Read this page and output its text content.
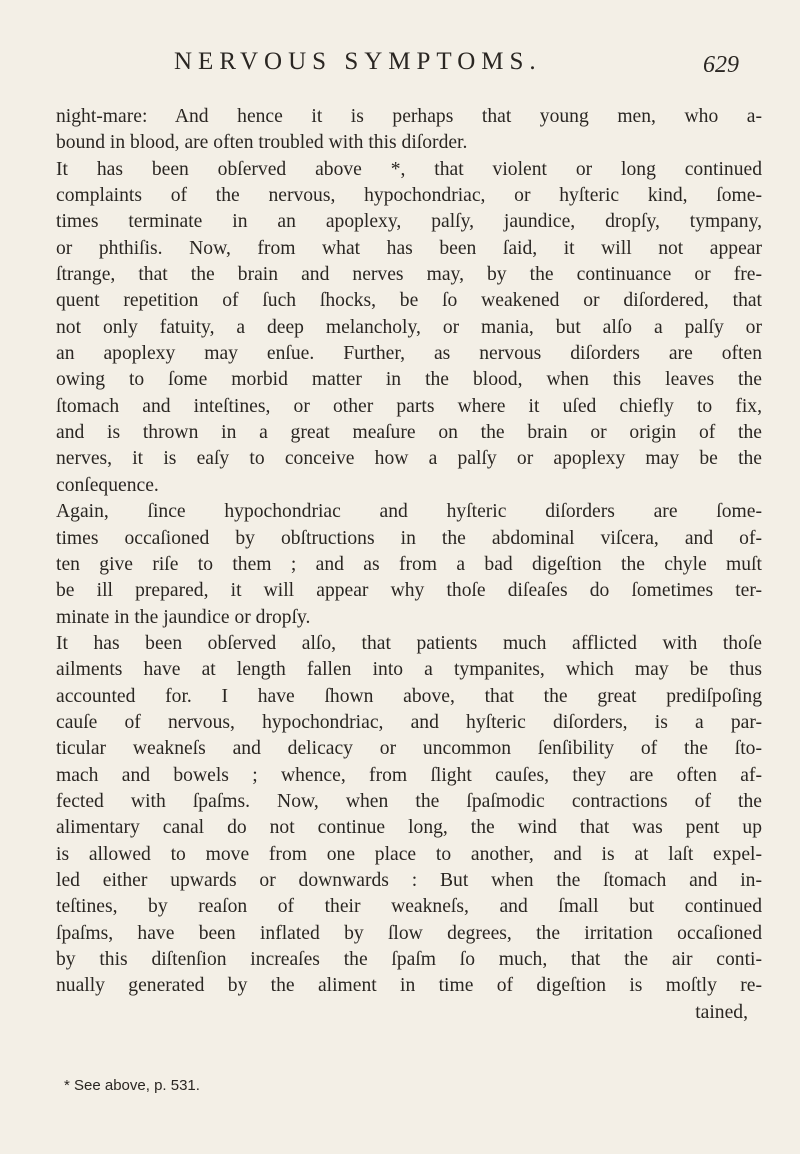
NERVOUS SYMPTOMS.	629
night-mare: And hence it is perhaps that young men, who a-
bound in blood, are often troubled with this diſorder.
It has been obſerved above *, that violent or long continued
complaints of the nervous, hypochondriac, or hyſteric kind, ſome-
times terminate in an apoplexy, palſy, jaundice, dropſy, tympany,
or phthiſis. Now, from what has been ſaid, it will not appear
ſtrange, that the brain and nerves may, by the continuance or fre-
quent repetition of ſuch ſhocks, be ſo weakened or diſordered, that
not only fatuity, a deep melancholy, or mania, but alſo a palſy or
an apoplexy may enſue. Further, as nervous diſorders are often
owing to ſome morbid matter in the blood, when this leaves the
ſtomach and inteſtines, or other parts where it uſed chiefly to fix,
and is thrown in a great meaſure on the brain or origin of the
nerves, it is eaſy to conceive how a palſy or apoplexy may be the
conſequence.
Again, ſince hypochondriac and hyſteric diſorders are ſome-
times occaſioned by obſtructions in the abdominal viſcera, and of-
ten give riſe to them ; and as from a bad digeſtion the chyle muſt
be ill prepared, it will appear why thoſe diſeaſes do ſometimes ter-
minate in the jaundice or dropſy.
It has been obſerved alſo, that patients much afflicted with thoſe
ailments have at length fallen into a tympanites, which may be thus
accounted for. I have ſhown above, that the great prediſpoſing
cauſe of nervous, hypochondriac, and hyſteric diſorders, is a par-
ticular weakneſs and delicacy or uncommon ſenſibility of the ſto-
mach and bowels ; whence, from ſlight cauſes, they are often af-
fected with ſpaſms. Now, when the ſpaſmodic contractions of the
alimentary canal do not continue long, the wind that was pent up
is allowed to move from one place to another, and is at laſt expel-
led either upwards or downwards : But when the ſtomach and in-
teſtines, by reaſon of their weakneſs, and ſmall but continued
ſpaſms, have been inflated by ſlow degrees, the irritation occaſioned
by this diſtenſion increaſes the ſpaſm ſo much, that the air conti-
nually generated by the aliment in time of digeſtion is moſtly re-
tained,
* See above, p. 531.
